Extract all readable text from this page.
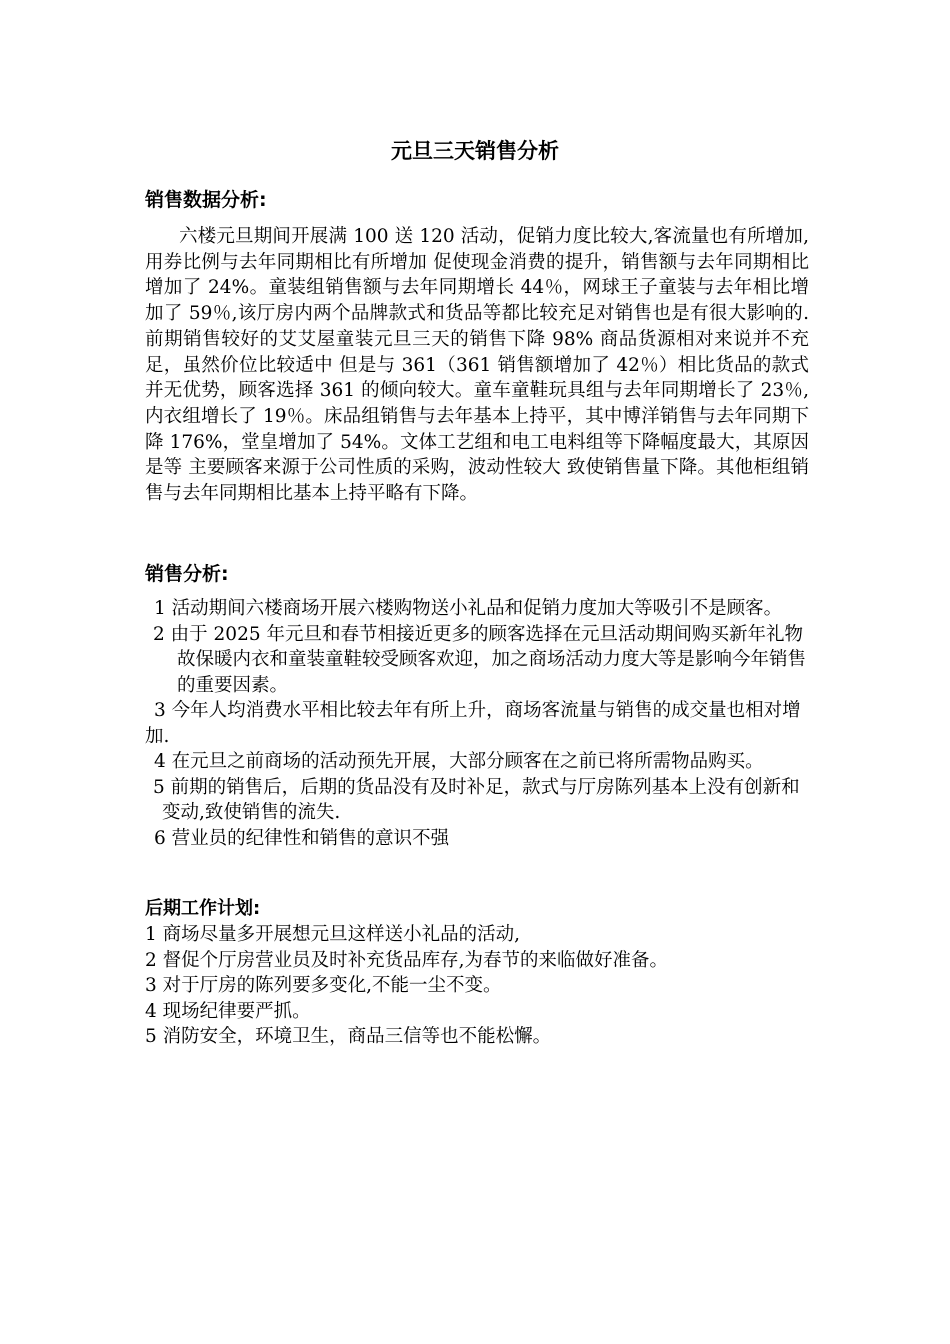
元旦三天销售分析
销售数据分析:

六楼元旦期间开展满 100 送 120 活动，促销力度比较大,客流量也有所增加,用券比例与去年同期相比有所增加 促使现金消费的提升，销售额与去年同期相比增加了 24%。童装组销售额与去年同期增长 44％，网球王子童装与去年相比增加了 59％,该厅房内两个品牌款式和货品等都比较充足对销售也是有很大影响的.前期销售较好的艾艾屋童装元旦三天的销售下降 98% 商品货源相对来说并不充足，虽然价位比较适中 但是与 361（361 销售额增加了 42％）相比货品的款式并无优势，顾客选择 361 的倾向较大。童车童鞋玩具组与去年同期增长了 23％,内衣组增长了 19％。床品组销售与去年基本上持平，其中博洋销售与去年同期下降 176%，堂皇增加了 54%。文体工艺组和电工电料组等下降幅度最大，其原因是等 主要顾客来源于公司性质的采购，波动性较大 致使销售量下降。其他柜组销售与去年同期相比基本上持平略有下降。

销售分析:
1 活动期间六楼商场开展六楼购物送小礼品和促销力度加大等吸引不是顾客。
2 由于 2025 年元旦和春节相接近更多的顾客选择在元旦活动期间购买新年礼物 故保暖内衣和童装童鞋较受顾客欢迎，加之商场活动力度大等是影响今年销售的重要因素。
3 今年人均消费水平相比较去年有所上升，商场客流量与销售的成交量也相对增加.
4 在元旦之前商场的活动预先开展，大部分顾客在之前已将所需物品购买。
5 前期的销售后，后期的货品没有及时补足，款式与厅房陈列基本上没有创新和变动,致使销售的流失.
6 营业员的纪律性和销售的意识不强
后期工作计划:
1 商场尽量多开展想元旦这样送小礼品的活动,
2 督促个厅房营业员及时补充货品库存,为春节的来临做好准备。
3 对于厅房的陈列要多变化,不能一尘不变。
4 现场纪律要严抓。
5 消防安全，环境卫生，商品三信等也不能松懈。
